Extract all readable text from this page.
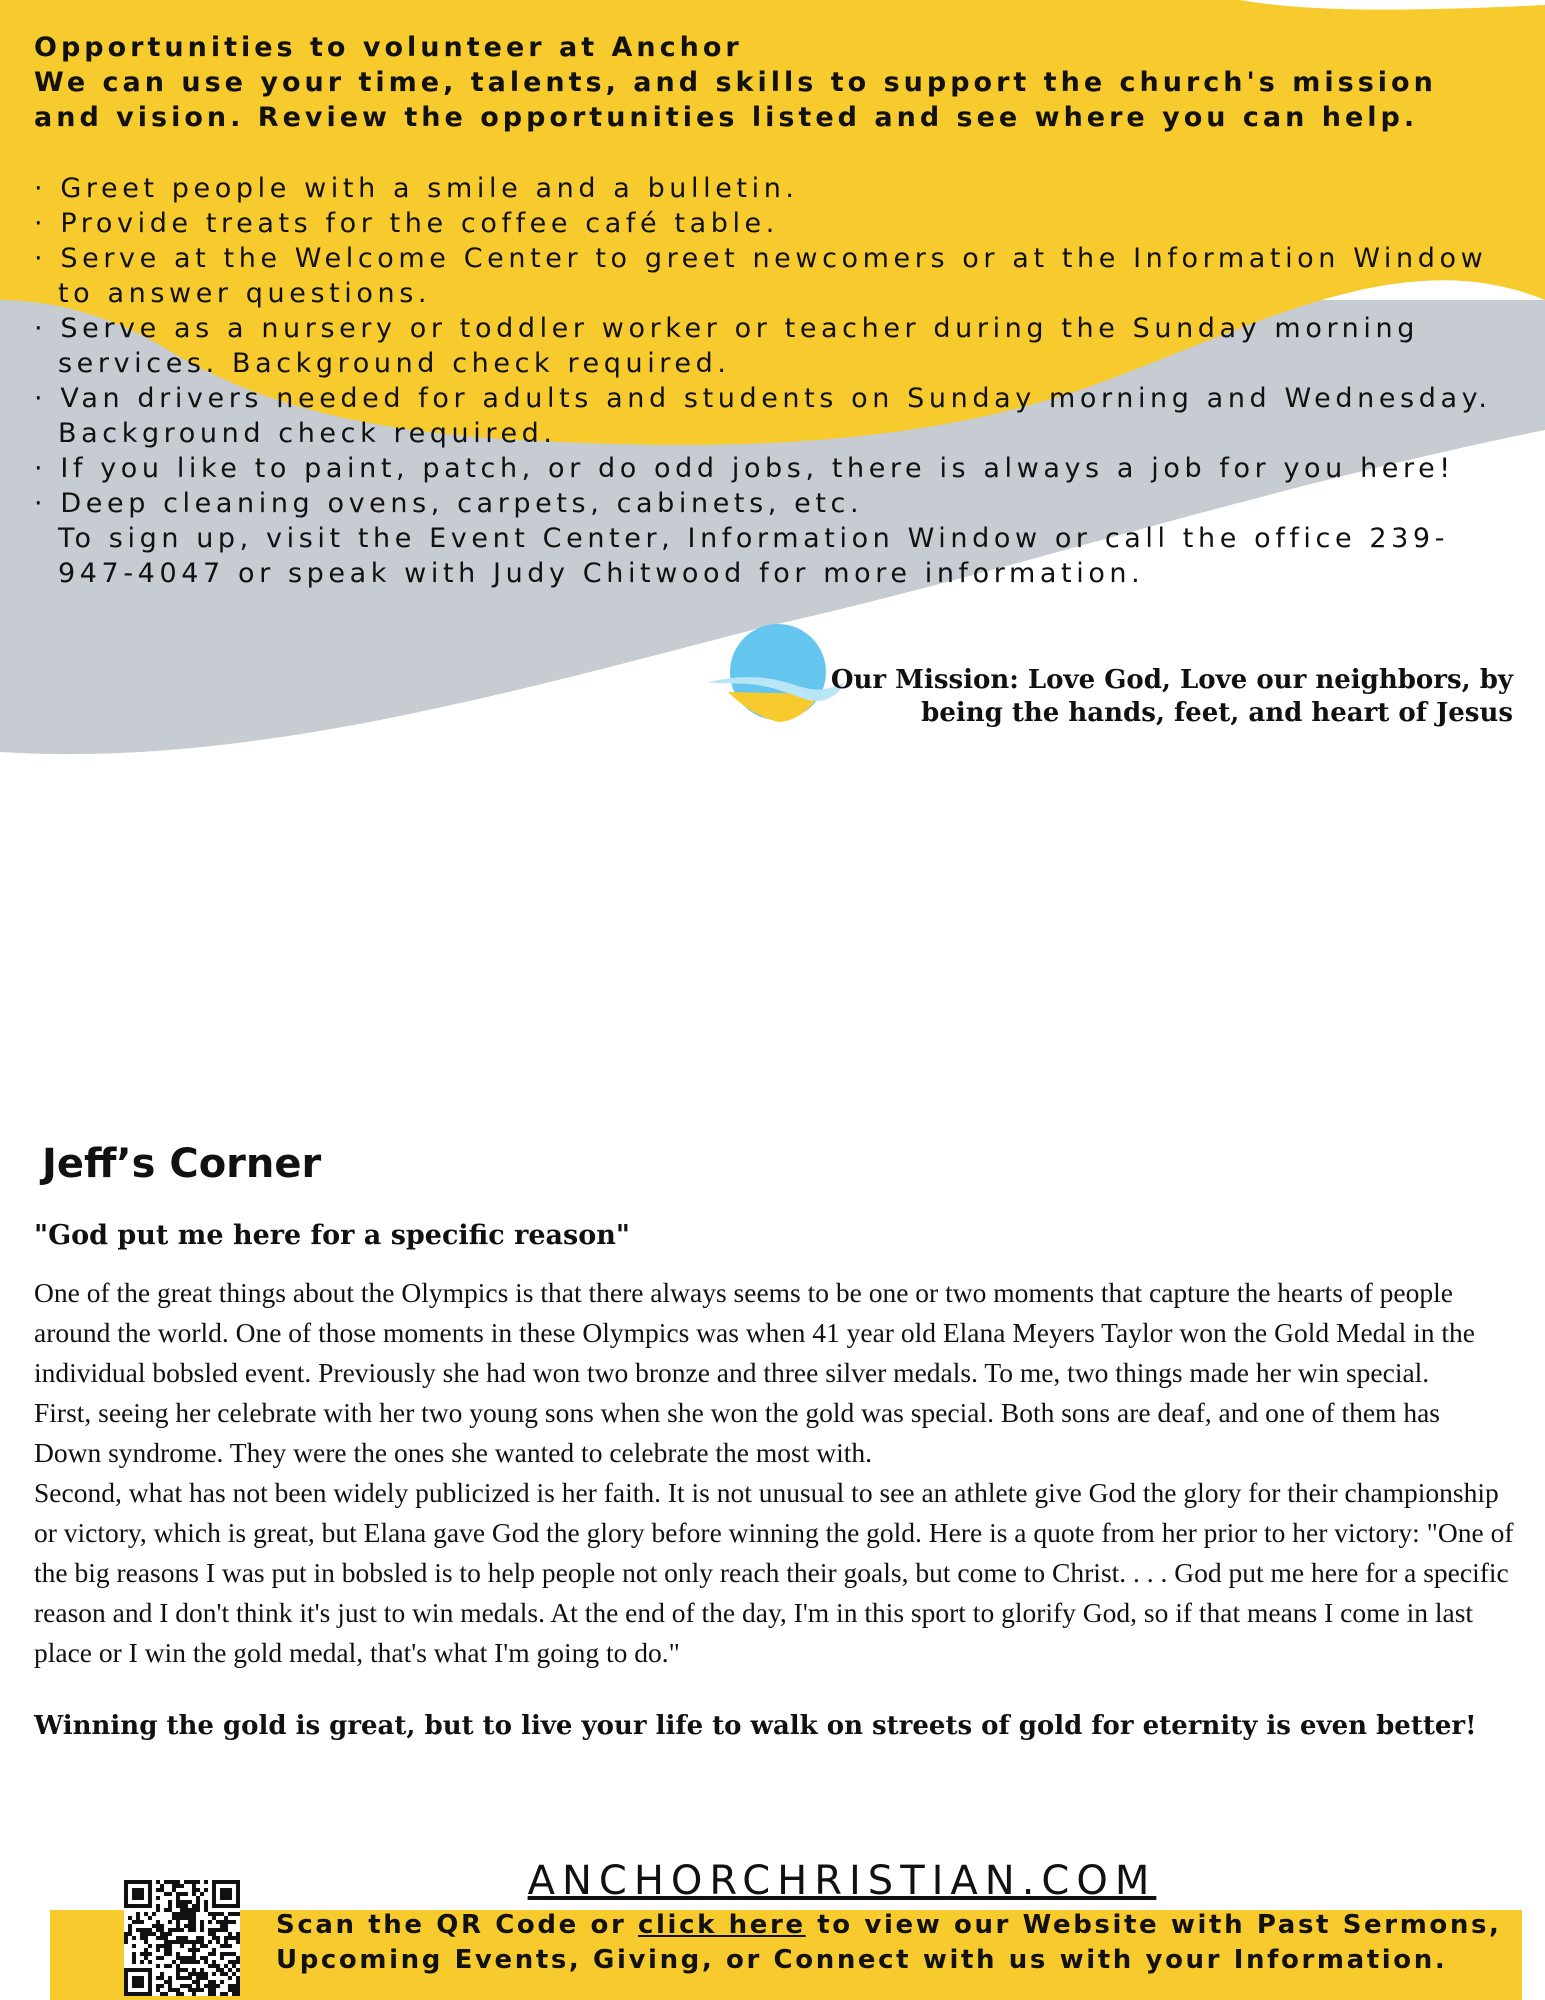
Opportunities to volunteer at Anchor

We can use your time, talents, and skills to support the church's mission and vision. Review the opportunities listed and see where you can help.

· Greet people with a smile and a bulletin.
· Provide treats for the coffee café table.
· Serve at the Welcome Center to greet newcomers or at the Information Window to answer questions.
· Serve as a nursery or toddler worker or teacher during the Sunday morning services. Background check required.
· Van drivers needed for adults and students on Sunday morning and Wednesday. Background check required.
· If you like to paint, patch, or do odd jobs, there is always a job for you here!
· Deep cleaning ovens, carpets, cabinets, etc.

To sign up, visit the Event Center, Information Window or call the office 239-947-4047 or speak with Judy Chitwood for more information.

Our Mission: Love God, Love our neighbors, by being the hands, feet, and heart of Jesus
Jeff’s Corner

"God put me here for a specific reason"

One of the great things about the Olympics is that there always seems to be one or two moments that capture the hearts of people around the world. One of those moments in these Olympics was when 41 year old Elana Meyers Taylor won the Gold Medal in the individual bobsled event. Previously she had won two bronze and three silver medals. To me, two things made her win special.

First, seeing her celebrate with her two young sons when she won the gold was special. Both sons are deaf, and one of them has Down syndrome. They were the ones she wanted to celebrate the most with.

Second, what has not been widely publicized is her faith. It is not unusual to see an athlete give God the glory for their championship or victory, which is great, but Elana gave God the glory before winning the gold. Here is a quote from her prior to her victory: "One of the big reasons I was put in bobsled is to help people not only reach their goals, but come to Christ. . . . God put me here for a specific reason and I don't think it's just to win medals. At the end of the day, I'm in this sport to glorify God, so if that means I come in last place or I win the gold medal, that's what I'm going to do."

Winning the gold is great, but to live your life to walk on streets of gold for eternity is even better!

ANCHORCHRISTIAN.COM
Scan the QR Code or click here to view our Website with Past Sermons, Upcoming Events, Giving, or Connect with us with your Information.
